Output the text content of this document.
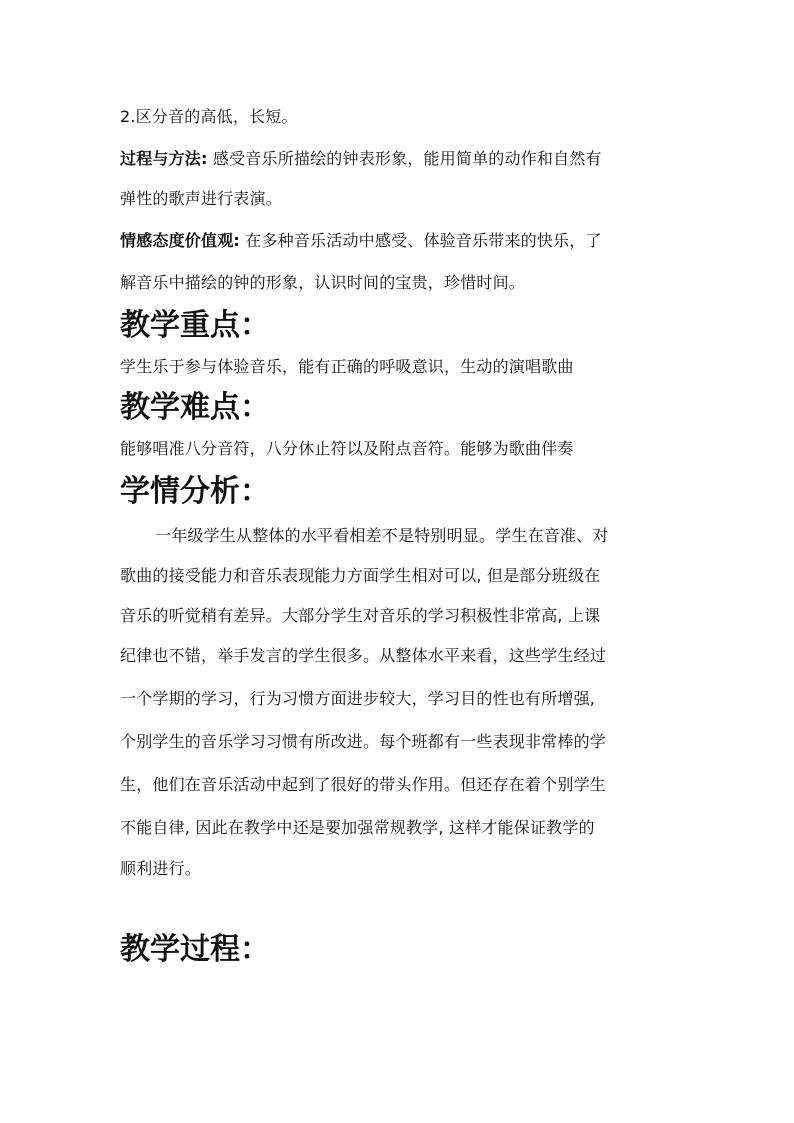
2.区分音的高低，长短。
过程与方法: 感受音乐所描绘的钟表形象，能用简单的动作和自然有
弹性的歌声进行表演。
情感态度价值观: 在多种音乐活动中感受、体验音乐带来的快乐，了
解音乐中描绘的钟的形象，认识时间的宝贵，珍惜时间。
教学重点：
学生乐于参与体验音乐，能有正确的呼吸意识，生动的演唱歌曲
教学难点：
能够唱准八分音符，八分休止符以及附点音符。能够为歌曲伴奏
学情分析：
一年级学生从整体的水平看相差不是特别明显。学生在音准、对
歌曲的接受能力和音乐表现能力方面学生相对可以, 但是部分班级在
音乐的听觉稍有差异。大部分学生对音乐的学习积极性非常高, 上课
纪律也不错，举手发言的学生很多。从整体水平来看，这些学生经过
一个学期的学习，行为习惯方面进步较大，学习目的性也有所增强,
个别学生的音乐学习习惯有所改进。每个班都有一些表现非常棒的学
生，他们在音乐活动中起到了很好的带头作用。但还存在着个别学生
不能自律, 因此在教学中还是要加强常规教学, 这样才能保证教学的
顺利进行。
教学过程：
